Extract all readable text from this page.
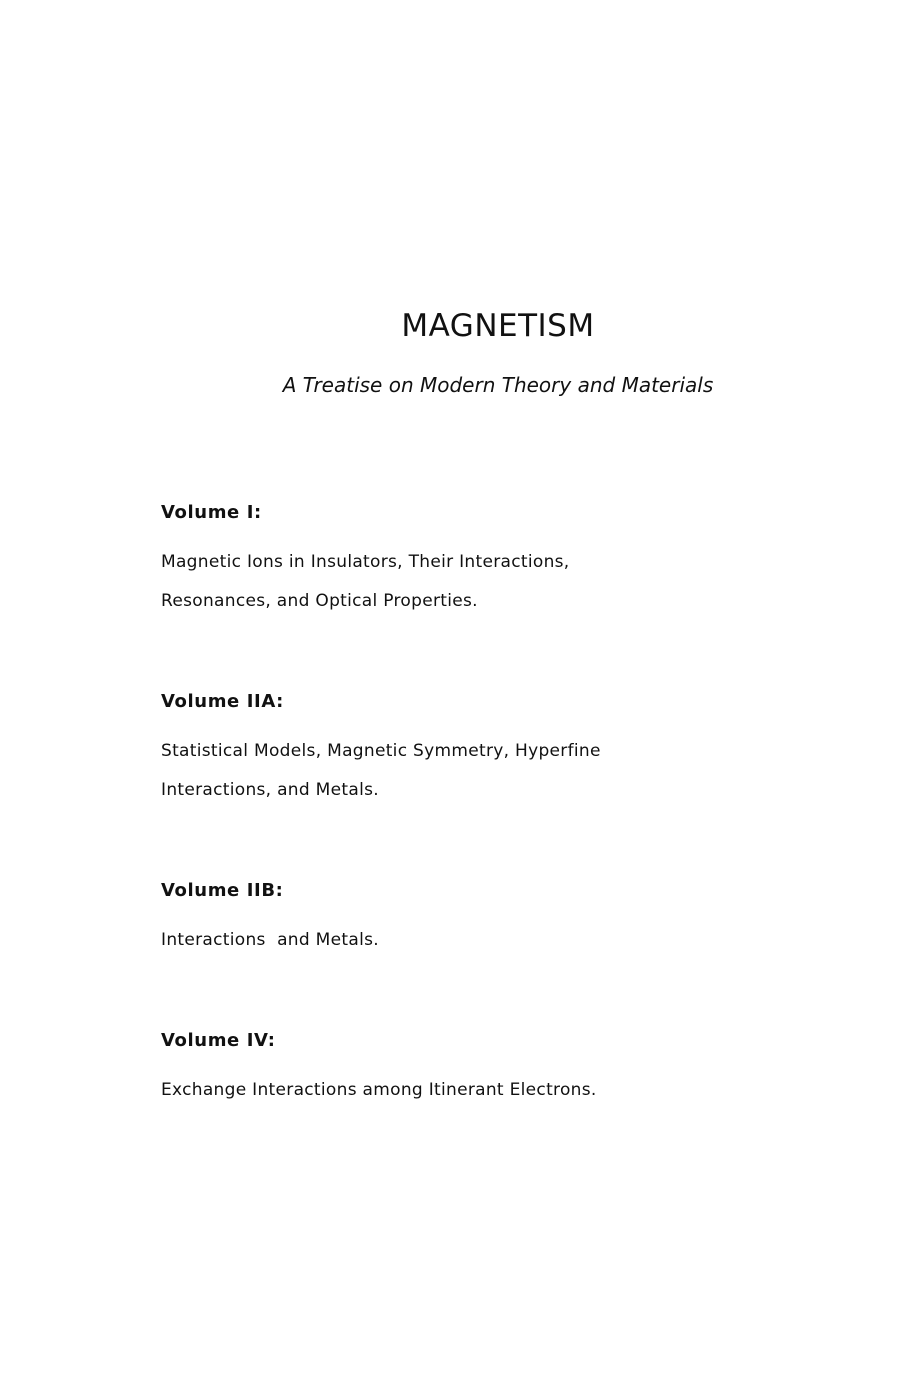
MAGNETISM

A Treatise on Modern Theory and Materials

Volume I:

Magnetic Ions in Insulators, Their Interactions,

Resonances, and Optical Properties.

Volume IIA:

Statistical Models, Magnetic Symmetry, Hyperfine

Interactions, and Metals.

Volume IIB:

Interactions  and Metals.

Volume IV:

Exchange Interactions among Itinerant Electrons.
